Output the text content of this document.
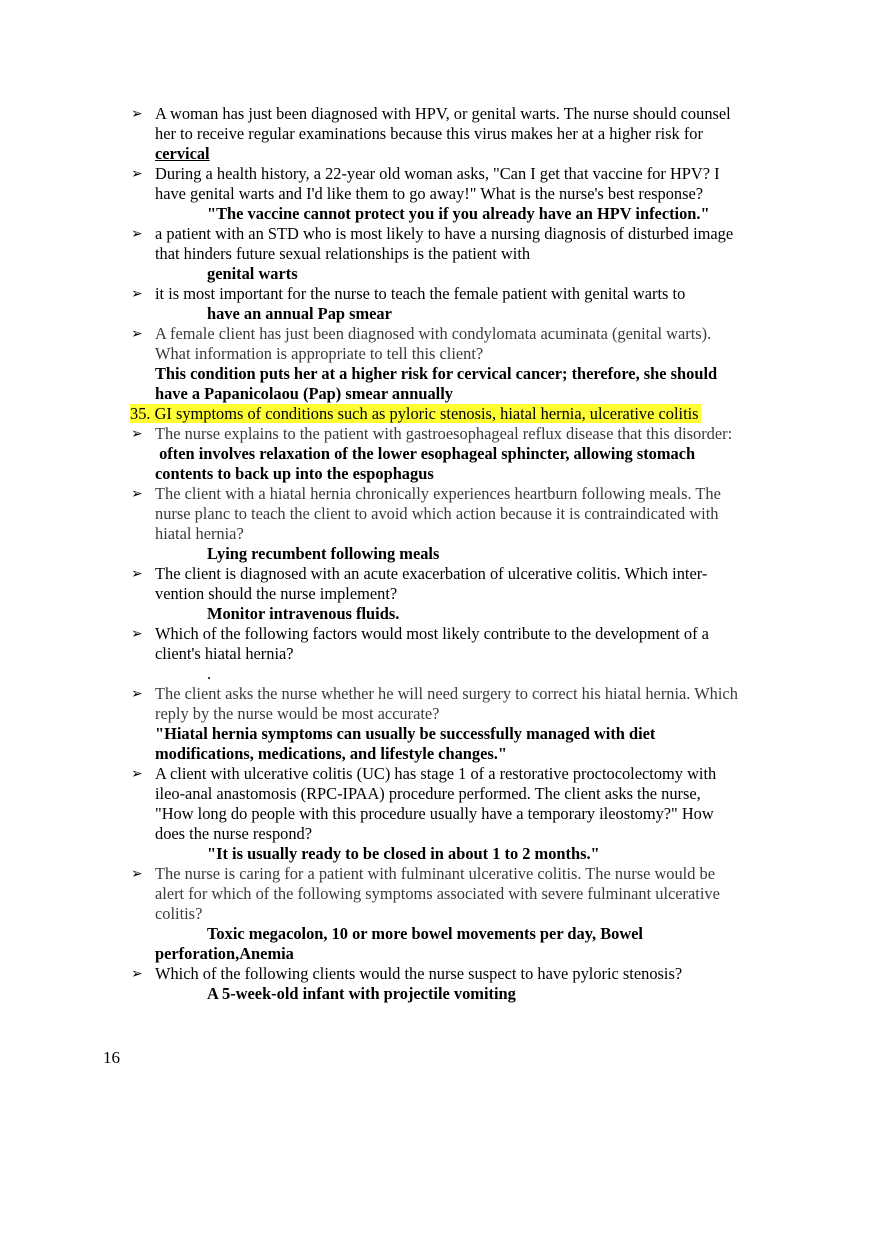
➢ A woman has just been diagnosed with HPV, or genital warts. The nurse should counsel
her to receive regular examinations because this virus makes her at a higher risk for
cervical
➢ During a health history, a 22-year old woman asks, "Can I get that vaccine for HPV? I
have genital warts and I'd like them to go away!" What is the nurse's best response?
"The vaccine cannot protect you if you already have an HPV infection."
➢ a patient with an STD who is most likely to have a nursing diagnosis of disturbed image
that hinders future sexual relationships is the patient with
genital warts
➢ it is most important for the nurse to teach the female patient with genital warts to
have an annual Pap smear
➢ A female client has just been diagnosed with condylomata acuminata (genital warts).
What information is appropriate to tell this client?
This condition puts her at a higher risk for cervical cancer; therefore, she should
have a Papanicolaou (Pap) smear annually
35. GI symptoms of conditions such as pyloric stenosis, hiatal hernia, ulcerative colitis
➢ The nurse explains to the patient with gastroesophageal reflux disease that this disorder:
often involves relaxation of the lower esophageal sphincter, allowing stomach
contents to back up into the espophagus
➢ The client with a hiatal hernia chronically experiences heartburn following meals. The
nurse planc to teach the client to avoid which action because it is contraindicated with
hiatal hernia?
Lying recumbent following meals
➢ The client is diagnosed with an acute exacerbation of ulcerative colitis. Which inter-
vention should the nurse implement?
Monitor intravenous fluids.
➢ Which of the following factors would most likely contribute to the development of a
client's hiatal hernia?
.
➢ The client asks the nurse whether he will need surgery to correct his hiatal hernia. Which
reply by the nurse would be most accurate?
"Hiatal hernia symptoms can usually be successfully managed with diet
modifications, medications, and lifestyle changes."
➢ A client with ulcerative colitis (UC) has stage 1 of a restorative proctocolectomy with
ileo-anal anastomosis (RPC-IPAA) procedure performed. The client asks the nurse,
"How long do people with this procedure usually have a temporary ileostomy?" How
does the nurse respond?
"It is usually ready to be closed in about 1 to 2 months."
➢ The nurse is caring for a patient with fulminant ulcerative colitis. The nurse would be
alert for which of the following symptoms associated with severe fulminant ulcerative
colitis?
Toxic megacolon, 10 or more bowel movements per day, Bowel
perforation,Anemia
➢ Which of the following clients would the nurse suspect to have pyloric stenosis?
A 5-week-old infant with projectile vomiting
16
